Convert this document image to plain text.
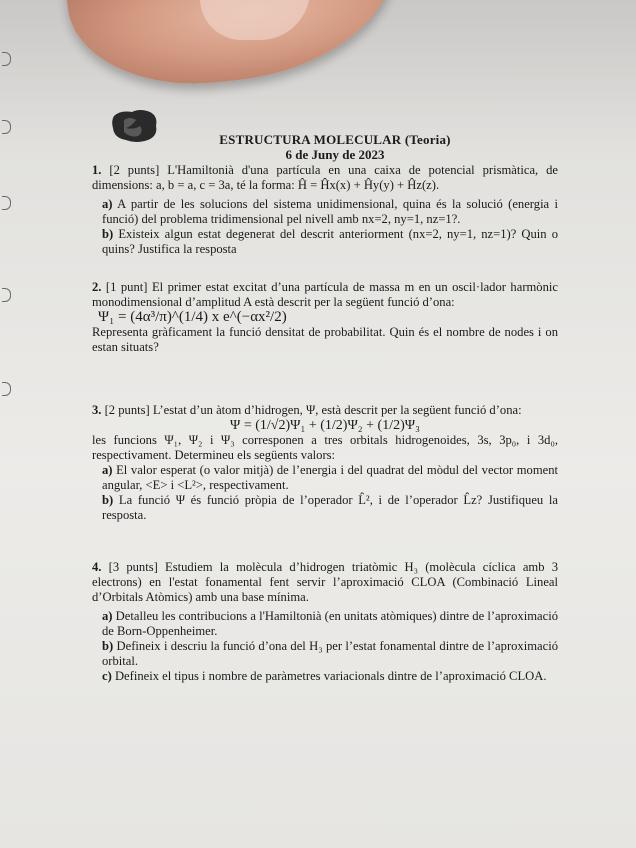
ESTRUCTURA MOLECULAR (Teoria)
6 de Juny de 2023

1. [2 punts] L'Hamiltonià d'una partícula en una caixa de potencial prismàtica, de dimensions: a, b = a, c = 3a, té la forma: Ĥ = Ĥx(x) + Ĥy(y) + Ĥz(z).

a) A partir de les solucions del sistema unidimensional, quina és la solució (energia i funció) del problema tridimensional pel nivell amb nx=2, ny=1, nz=1?.

b) Existeix algun estat degenerat del descrit anteriorment (nx=2, ny=1, nz=1)? Quin o quins? Justifica la resposta

2. [1 punt] El primer estat excitat d’una partícula de massa m en un oscil·lador harmònic monodimensional d’amplitud A està descrit per la següent funció d’ona:

Ψ₁ = (4α³/π)^(1/4) x e^(−αx²/2)

Representa gràficament la funció densitat de probabilitat. Quin és el nombre de nodes i on estan situats?

3. [2 punts] L’estat d’un àtom d’hidrogen, Ψ, està descrit per la següent funció d’ona:

Ψ = (1/√2)Ψ₁ + (1/2)Ψ₂ + (1/2)Ψ₃

les funcions Ψ₁, Ψ₂ i Ψ₃ corresponen a tres orbitals hidrogenoides, 3s, 3p₀, i 3d₀, respectivament. Determineu els següents valors:

a) El valor esperat (o valor mitjà) de l’energia i del quadrat del mòdul del vector moment angular, <E> i <L²>, respectivament.

b) La funció Ψ és funció pròpia de l’operador L̂², i de l’operador L̂z? Justifiqueu la resposta.

4. [3 punts] Estudiem la molècula d’hidrogen triatòmic H₃ (molècula cíclica amb 3 electrons) en l'estat fonamental fent servir l’aproximació CLOA (Combinació Lineal d’Orbitals Atòmics) amb una base mínima.

a) Detalleu les contribucions a l'Hamiltonià (en unitats atòmiques) dintre de l’aproximació de Born-Oppenheimer.

b) Defineix i descriu la funció d’ona del H₃ per l’estat fonamental dintre de l’aproximació orbital.

c) Defineix el tipus i nombre de paràmetres variacionals dintre de l’aproximació CLOA.
